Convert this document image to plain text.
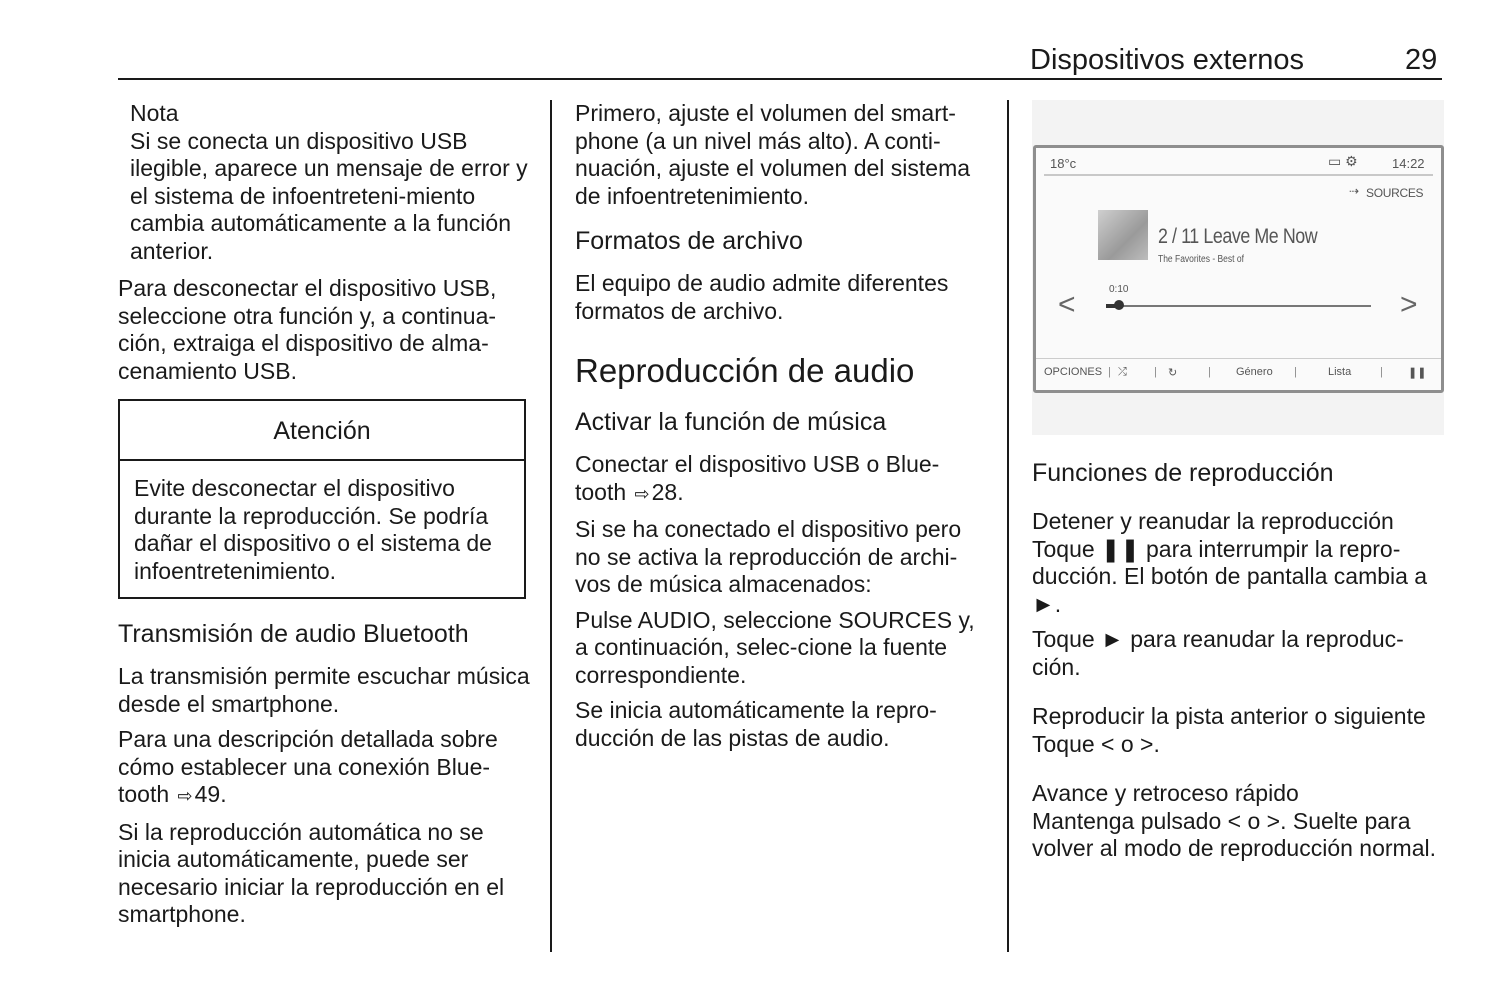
Dispositivos externos	29

Nota

Si se conecta un dispositivo USB ilegible, aparece un mensaje de error y el sistema de infoentreteni-miento cambia automáticamente a la función anterior.

Para desconectar el dispositivo USB, seleccione otra función y, a continua-ción, extraiga el dispositivo de alma-cenamiento USB.

Atención

Evite desconectar el dispositivo durante la reproducción. Se podría dañar el dispositivo o el sistema de infoentretenimiento.

Transmisión de audio Bluetooth

La transmisión permite escuchar música desde el smartphone.

Para una descripción detallada sobre cómo establecer una conexión Blue-tooth ⇨49.

Si la reproducción automática no se inicia automáticamente, puede ser necesario iniciar la reproducción en el smartphone.

Primero, ajuste el volumen del smart-phone (a un nivel más alto). A conti-nuación, ajuste el volumen del sistema de infoentretenimiento.

Formatos de archivo

El equipo de audio admite diferentes formatos de archivo.

Reproducción de audio
Activar la función de música

Conectar el dispositivo USB o Blue-tooth ⇨28.

Si se ha conectado el dispositivo pero no se activa la reproducción de archi-vos de música almacenados:

Pulse AUDIO, seleccione SOURCES y, a continuación, selec-cione la fuente correspondiente.

Se inicia automáticamente la repro-ducción de las pistas de audio.

18°c	▭ ⚙	14:22
⇢ SOURCES
2 / 11 Leave Me Now
The Favorites - Best of
<	>
0:10
OPCIONES | ⤮ | ↻	| Género |	Lista	| ❚❚
Funciones de reproducción
Detener y reanudar la reproducción

Toque ❚❚ para interrumpir la repro-ducción. El botón de pantalla cambia a ►.

Toque ► para reanudar la reproduc-ción.

Reproducir la pista anterior o siguiente

Toque < o >.

Avance y retroceso rápido

Mantenga pulsado < o >. Suelte para volver al modo de reproducción normal.
